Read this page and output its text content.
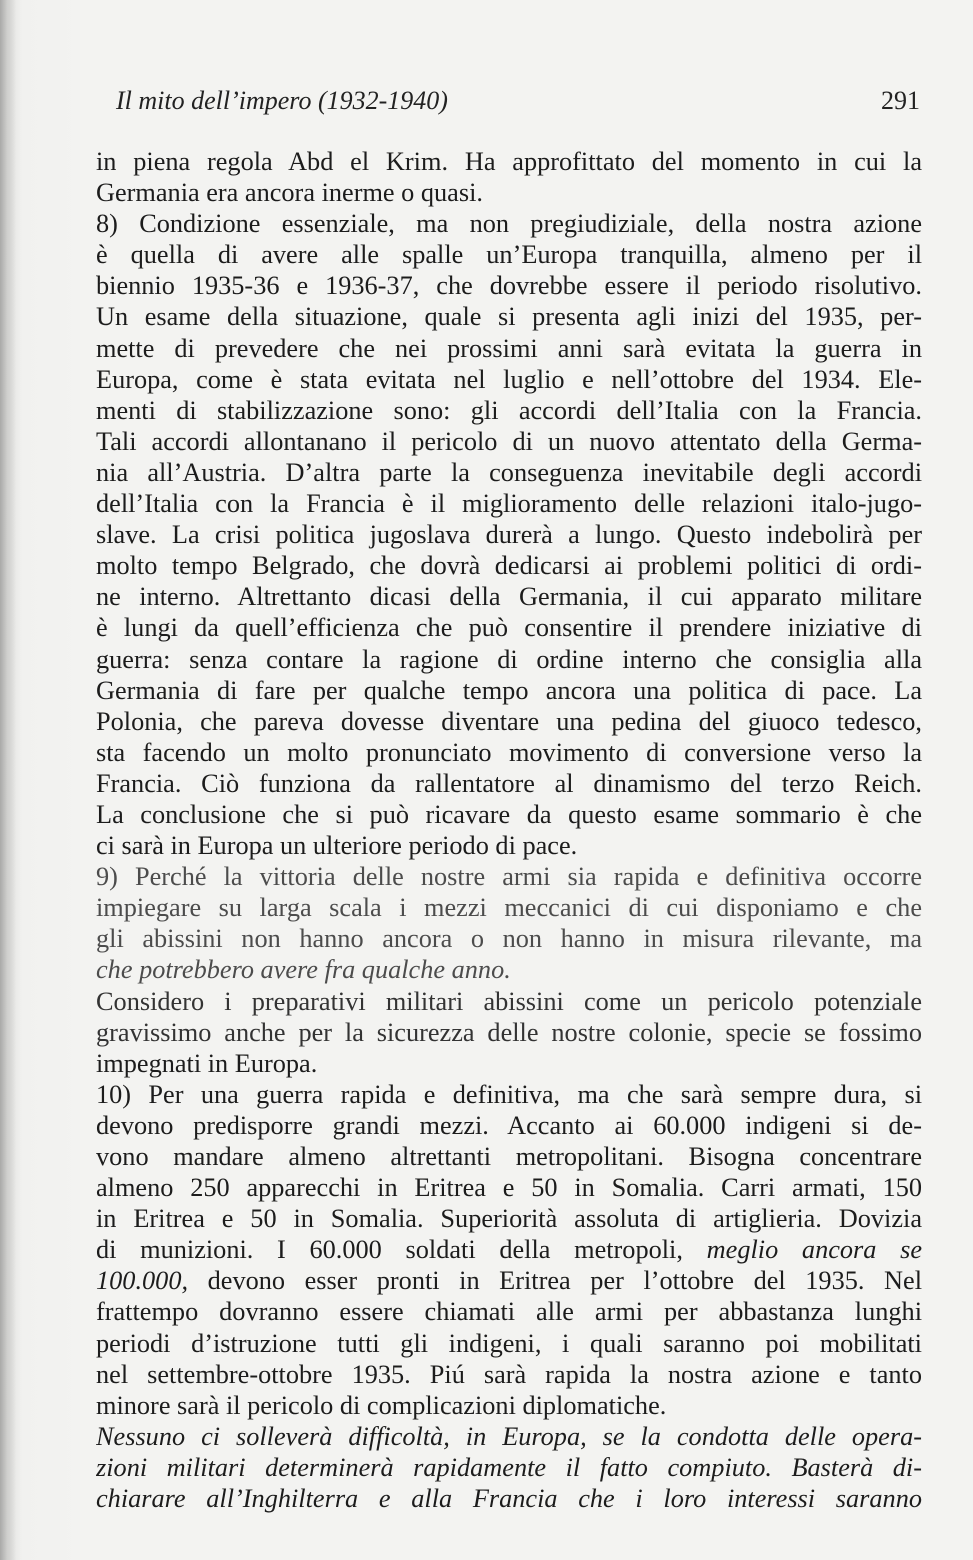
Il mito dell’impero (1932-1940)	291
in piena regola Abd el Krim. Ha approfittato del momento in cui la
Germania era ancora inerme o quasi.
8) Condizione essenziale, ma non pregiudiziale, della nostra azione
è quella di avere alle spalle un’Europa tranquilla, almeno per il
biennio 1935-36 e 1936-37, che dovrebbe essere il periodo risolutivo.
Un esame della situazione, quale si presenta agli inizi del 1935, per-
mette di prevedere che nei prossimi anni sarà evitata la guerra in
Europa, come è stata evitata nel luglio e nell’ottobre del 1934. Ele-
menti di stabilizzazione sono: gli accordi dell’Italia con la Francia.
Tali accordi allontanano il pericolo di un nuovo attentato della Germa-
nia all’Austria. D’altra parte la conseguenza inevitabile degli accordi
dell’Italia con la Francia è il miglioramento delle relazioni italo-jugo-
slave. La crisi politica jugoslava durerà a lungo. Questo indebolirà per
molto tempo Belgrado, che dovrà dedicarsi ai problemi politici di ordi-
ne interno. Altrettanto dicasi della Germania, il cui apparato militare
è lungi da quell’efficienza che può consentire il prendere iniziative di
guerra: senza contare la ragione di ordine interno che consiglia alla
Germania di fare per qualche tempo ancora una politica di pace. La
Polonia, che pareva dovesse diventare una pedina del giuoco tedesco,
sta facendo un molto pronunciato movimento di conversione verso la
Francia. Ciò funziona da rallentatore al dinamismo del terzo Reich.
La conclusione che si può ricavare da questo esame sommario è che
ci sarà in Europa un ulteriore periodo di pace.
9) Perché la vittoria delle nostre armi sia rapida e definitiva occorre
impiegare su larga scala i mezzi meccanici di cui disponiamo e che
gli abissini non hanno ancora o non hanno in misura rilevante, ma
che potrebbero avere fra qualche anno.
Considero i preparativi militari abissini come un pericolo potenziale
gravissimo anche per la sicurezza delle nostre colonie, specie se fossimo
impegnati in Europa.
10) Per una guerra rapida e definitiva, ma che sarà sempre dura, si
devono predisporre grandi mezzi. Accanto ai 60.000 indigeni si de-
vono mandare almeno altrettanti metropolitani. Bisogna concentrare
almeno 250 apparecchi in Eritrea e 50 in Somalia. Carri armati, 150
in Eritrea e 50 in Somalia. Superiorità assoluta di artiglieria. Dovizia
di munizioni. I 60.000 soldati della metropoli, meglio ancora se
100.000, devono esser pronti in Eritrea per l’ottobre del 1935. Nel
frattempo dovranno essere chiamati alle armi per abbastanza lunghi
periodi d’istruzione tutti gli indigeni, i quali saranno poi mobilitati
nel settembre-ottobre 1935. Piú sarà rapida la nostra azione e tanto
minore sarà il pericolo di complicazioni diplomatiche.
Nessuno ci solleverà difficoltà, in Europa, se la condotta delle opera-
zioni militari determinerà rapidamente il fatto compiuto. Basterà di-
chiarare all’Inghilterra e alla Francia che i loro interessi saranno
